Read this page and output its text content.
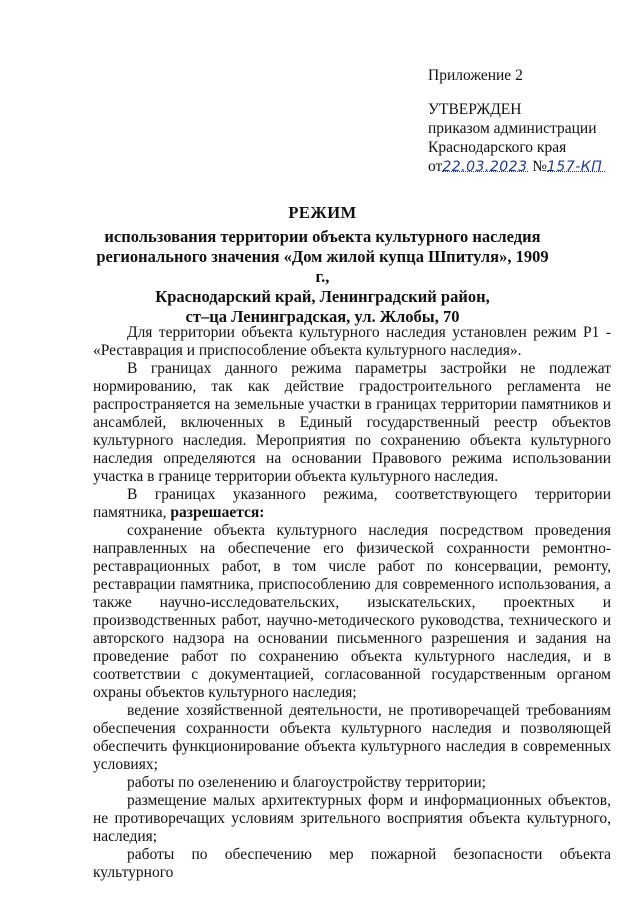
Приложение 2
УТВЕРЖДЕН
приказом администрации
Краснодарского края
от22.03.2023 №157-КП
РЕЖИМ
использования территории объекта культурного наследия
регионального значения «Дом жилой купца Шпитуля», 1909 г.,
Краснодарский край, Ленинградский район,
ст–ца Ленинградская, ул. Жлобы, 70

Для территории объекта культурного наследия установлен режим Р1 - «Реставрация и приспособление объекта культурного наследия».

В границах данного режима параметры застройки не подлежат нормированию, так как действие градостроительного регламента не распространяется на земельные участки в границах территории памятников и ансамблей, включенных в Единый государственный реестр объектов культурного наследия. Мероприятия по сохранению объекта культурного наследия определяются на основании Правового режима использовании участка в границе территории объекта культурного наследия.

В границах указанного режима, соответствующего территории памятника, разрешается:

сохранение объекта культурного наследия посредством проведения направленных на обеспечение его физической сохранности ремонтно-реставрационных работ, в том числе работ по консервации, ремонту, реставрации памятника, приспособлению для современного использования, а также научно-исследовательских, изыскательских, проектных и производственных работ, научно-методического руководства, технического и авторского надзора на основании письменного разрешения и задания на проведение работ по сохранению объекта культурного наследия, и в соответствии с документацией, согласованной государственным органом охраны объектов культурного наследия;

ведение хозяйственной деятельности, не противоречащей требованиям обеспечения сохранности объекта культурного наследия и позволяющей обеспечить функционирование объекта культурного наследия в современных условиях;

работы по озеленению и благоустройству территории;

размещение малых архитектурных форм и информационных объектов, не противоречащих условиям зрительного восприятия объекта культурного, наследия;

работы по обеспечению мер пожарной безопасности объекта культурного
